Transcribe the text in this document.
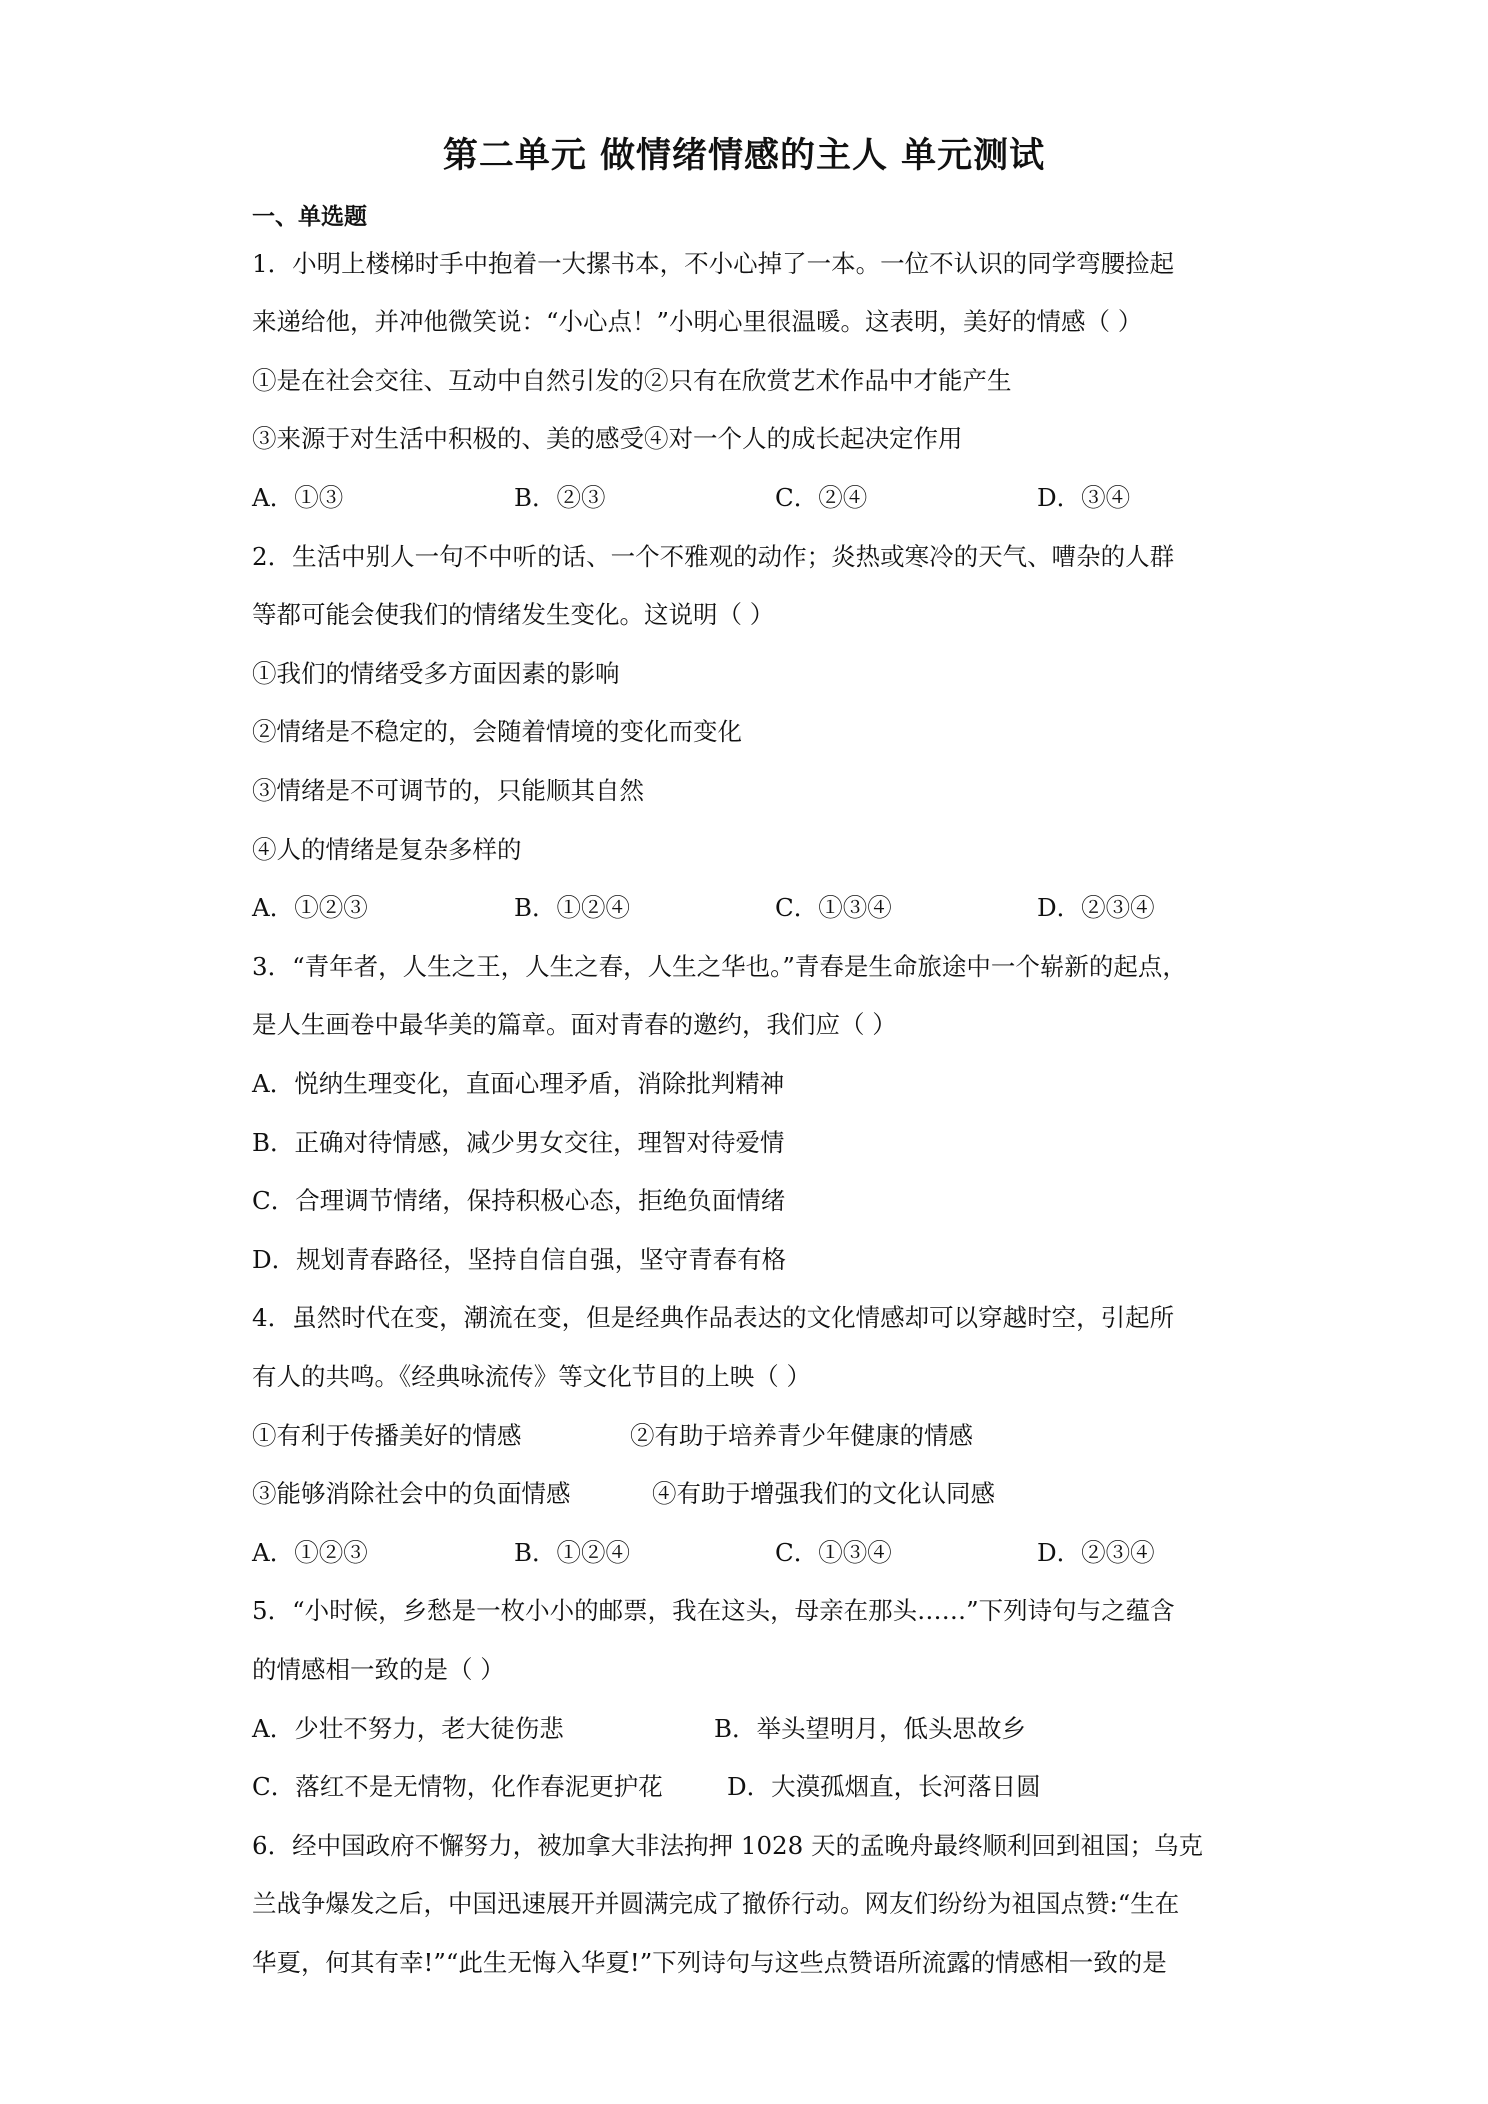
第二单元 做情绪情感的主人 单元测试
一、单选题
1．小明上楼梯时手中抱着一大摞书本，不小心掉了一本。一位不认识的同学弯腰捡起
来递给他，并冲他微笑说：“小心点！”小明心里很温暖。这表明，美好的情感（ ）
①是在社会交往、互动中自然引发的②只有在欣赏艺术作品中才能产生
③来源于对生活中积极的、美的感受④对一个人的成长起决定作用
A．①③	B．②③	C．②④	D．③④
2．生活中别人一句不中听的话、一个不雅观的动作；炎热或寒冷的天气、嘈杂的人群
等都可能会使我们的情绪发生变化。这说明（ ）
①我们的情绪受多方面因素的影响
②情绪是不稳定的，会随着情境的变化而变化
③情绪是不可调节的，只能顺其自然
④人的情绪是复杂多样的
A．①②③	B．①②④	C．①③④	D．②③④
3．“青年者，人生之王，人生之春，人生之华也。”青春是生命旅途中一个崭新的起点，
是人生画卷中最华美的篇章。面对青春的邀约，我们应（ ）
A．悦纳生理变化，直面心理矛盾，消除批判精神
B．正确对待情感，减少男女交往，理智对待爱情
C．合理调节情绪，保持积极心态，拒绝负面情绪
D．规划青春路径，坚持自信自强，坚守青春有格
4．虽然时代在变，潮流在变，但是经典作品表达的文化情感却可以穿越时空，引起所
有人的共鸣。《经典咏流传》等文化节目的上映（ ）
①有利于传播美好的情感	②有助于培养青少年健康的情感
③能够消除社会中的负面情感	④有助于增强我们的文化认同感
A．①②③	B．①②④	C．①③④	D．②③④
5．“小时候，乡愁是一枚小小的邮票，我在这头，母亲在那头……”下列诗句与之蕴含
的情感相一致的是（ ）
A．少壮不努力，老大徒伤悲	B．举头望明月，低头思故乡
C．落红不是无情物，化作春泥更护花	D．大漠孤烟直，长河落日圆
6．经中国政府不懈努力，被加拿大非法拘押 1028 天的孟晚舟最终顺利回到祖国；乌克
兰战争爆发之后，中国迅速展开并圆满完成了撤侨行动。网友们纷纷为祖国点赞:“生在
华夏，何其有幸!”“此生无悔入华夏!”下列诗句与这些点赞语所流露的情感相一致的是
